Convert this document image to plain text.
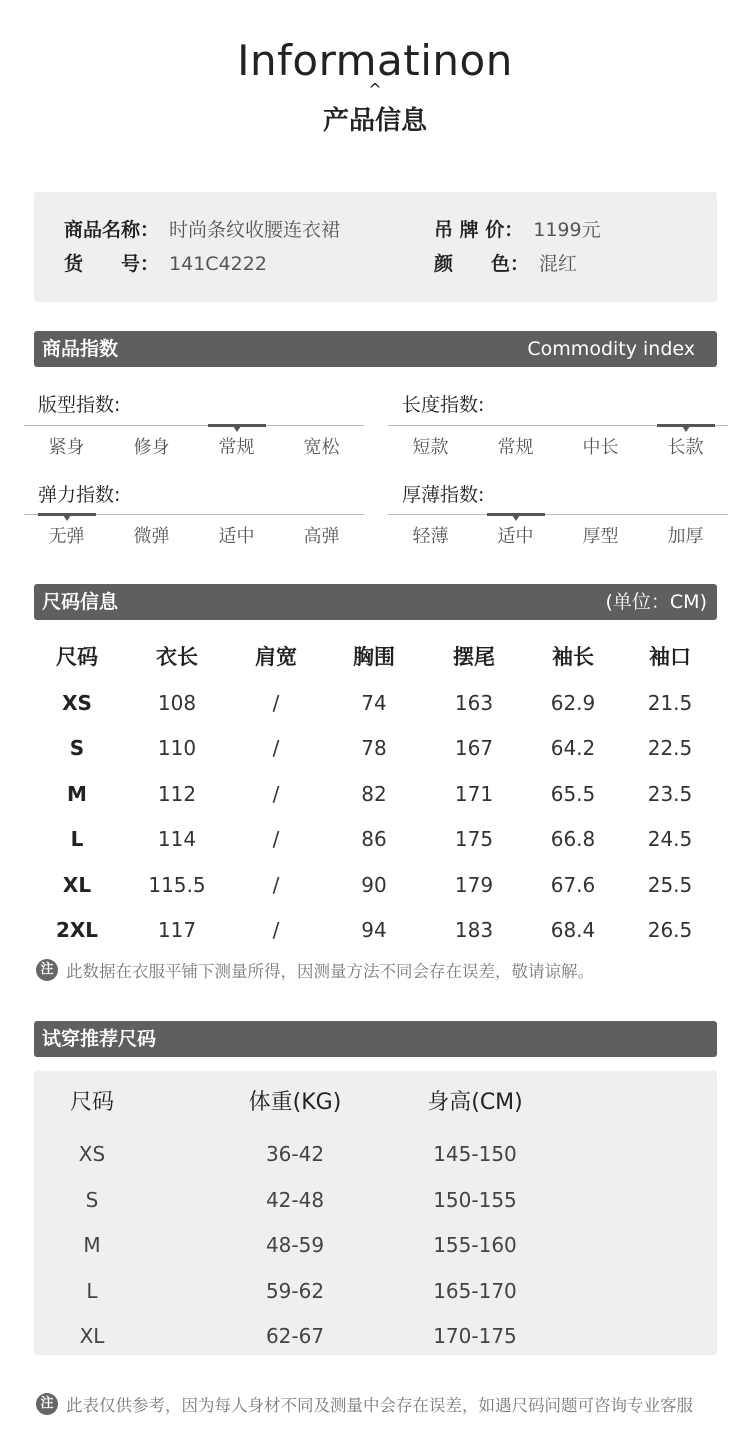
Informatinon
^
产品信息
商品名称： 时尚条纹收腰连衣裙
货　　号： 141C4222
吊 牌 价： 1199元
颜　　色： 混红
商品指数	Commodity index
版型指数:
紧身	修身	常规	宽松
长度指数:
短款	常规	中长	长款
弹力指数:
无弹	微弹	适中	高弹
厚薄指数:
轻薄	适中	厚型	加厚
尺码信息	(单位：CM)
尺码	衣长	肩宽	胸围	摆尾	袖长	袖口
XS	108	/	74	163	62.9	21.5
S	110	/	78	167	64.2	22.5
M	112	/	82	171	65.5	23.5
L	114	/	86	175	66.8	24.5
XL	115.5	/	90	179	67.6	25.5
2XL	117	/	94	183	68.4	26.5
注 此数据在衣服平铺下测量所得，因测量方法不同会存在误差，敬请谅解。
试穿推荐尺码
尺码	体重(KG)	身高(CM)
XS	36-42	145-150
S	42-48	150-155
M	48-59	155-160
L	59-62	165-170
XL	62-67	170-175
注 此表仅供参考，因为每人身材不同及测量中会存在误差，如遇尺码问题可咨询专业客服
